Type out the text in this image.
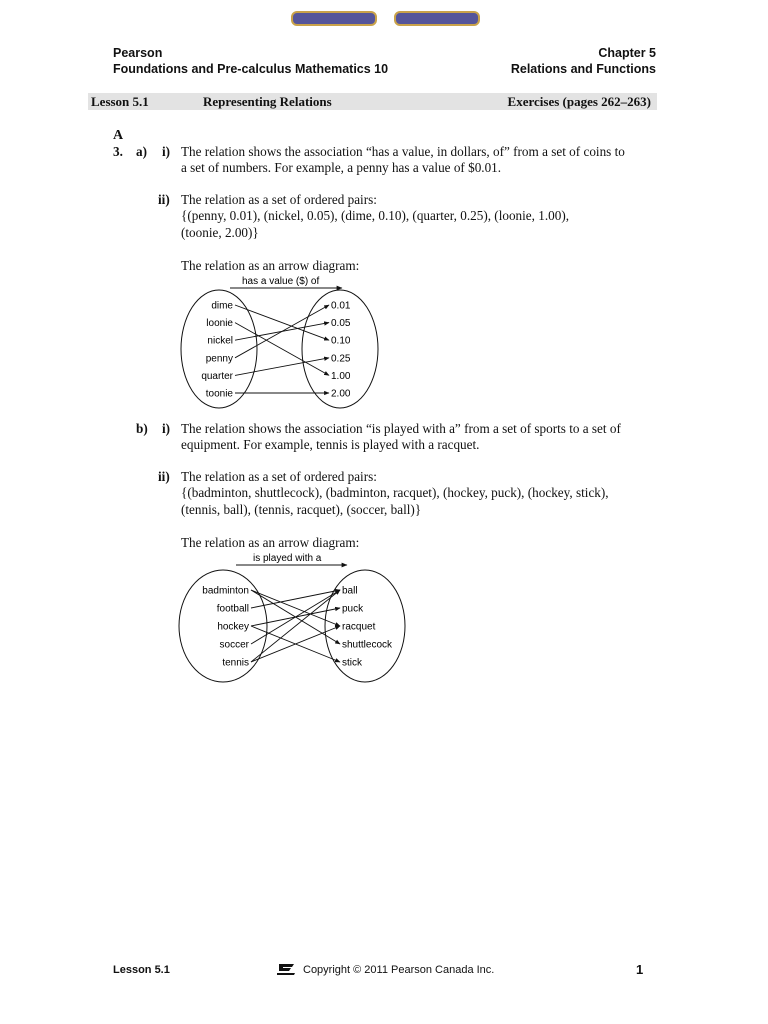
Pearson
Foundations and Pre-calculus Mathematics 10
Chapter 5
Relations and Functions
Lesson 5.1	Representing Relations	Exercises (pages 262–263)
A
3. a) i) The relation shows the association “has a value, in dollars, of” from a set of coins to
a set of numbers. For example, a penny has a value of $0.01.
ii) The relation as a set of ordered pairs:
{(penny, 0.01), (nickel, 0.05), (dime, 0.10), (quarter, 0.25), (loonie, 1.00),
(toonie, 2.00)}
The relation as an arrow diagram:
has a value ($) of
dime
loonie
nickel
penny
quarter
toonie
0.01
0.05
0.10
0.25
1.00
2.00
b) i) The relation shows the association “is played with a” from a set of sports to a set of
equipment. For example, tennis is played with a racquet.
ii) The relation as a set of ordered pairs:
{(badminton, shuttlecock), (badminton, racquet), (hockey, puck), (hockey, stick),
(tennis, ball), (tennis, racquet), (soccer, ball)}
The relation as an arrow diagram:
is played with a
badminton
football
hockey
soccer
tennis
ball
puck
racquet
shuttlecock
stick
Lesson 5.1	Copyright © 2011 Pearson Canada Inc.	1
